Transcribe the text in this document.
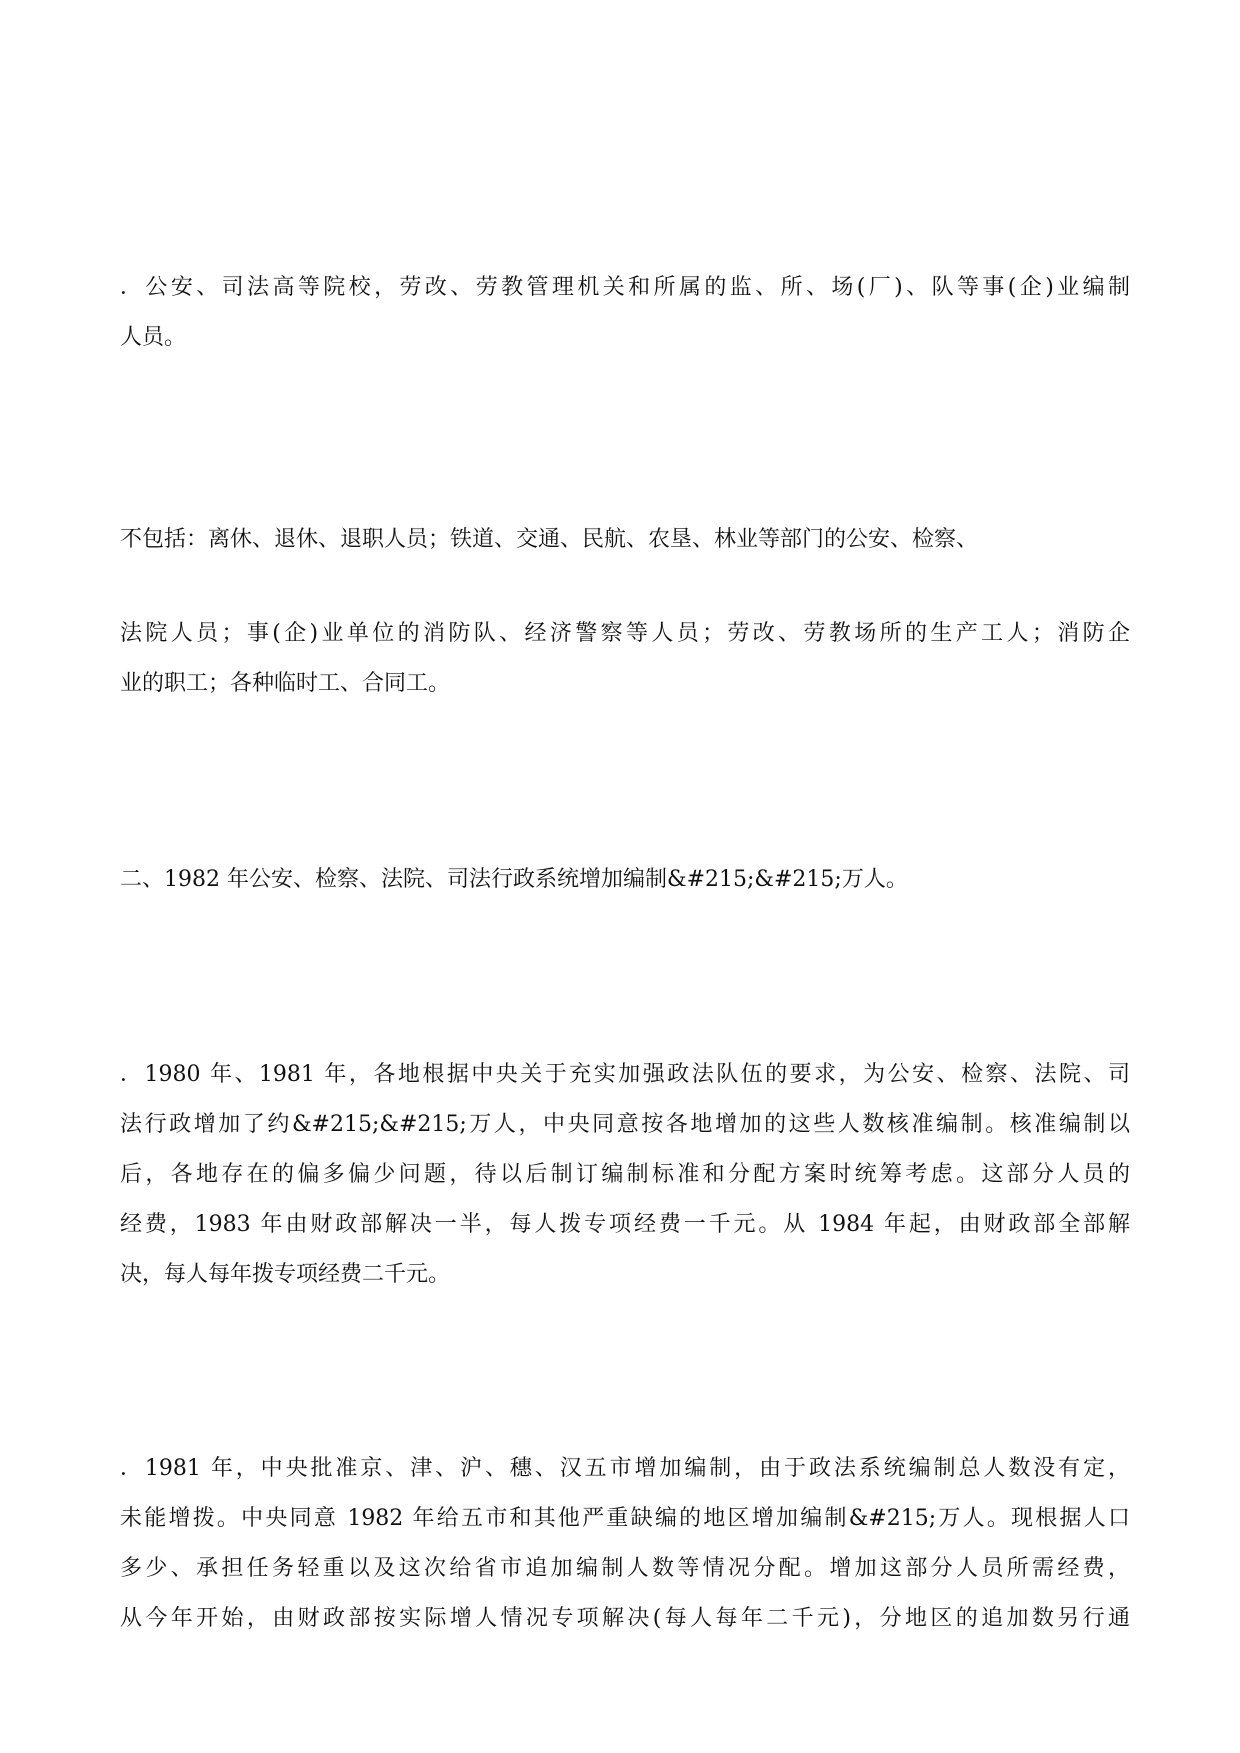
．公安、司法高等院校，劳改、劳教管理机关和所属的监、所、场(厂)、队等事(企)业编制
人员。
不包括：离休、退休、退职人员；铁道、交通、民航、农垦、林业等部门的公安、检察、
法院人员；事(企)业单位的消防队、经济警察等人员；劳改、劳教场所的生产工人；消防企
业的职工；各种临时工、合同工。
二、1982 年公安、检察、法院、司法行政系统增加编制&#215;&#215;万人。
．1980 年、1981 年，各地根据中央关于充实加强政法队伍的要求，为公安、检察、法院、司
法行政增加了约&#215;&#215;万人，中央同意按各地增加的这些人数核准编制。核准编制以
后，各地存在的偏多偏少问题，待以后制订编制标准和分配方案时统筹考虑。这部分人员的
经费，1983 年由财政部解决一半，每人拨专项经费一千元。从 1984 年起，由财政部全部解
决，每人每年拨专项经费二千元。
．1981 年，中央批准京、津、沪、穗、汉五市增加编制，由于政法系统编制总人数没有定，
未能增拨。中央同意 1982 年给五市和其他严重缺编的地区增加编制&#215;万人。现根据人口
多少、承担任务轻重以及这次给省市追加编制人数等情况分配。增加这部分人员所需经费，
从今年开始，由财政部按实际增人情况专项解决(每人每年二千元)，分地区的追加数另行通
